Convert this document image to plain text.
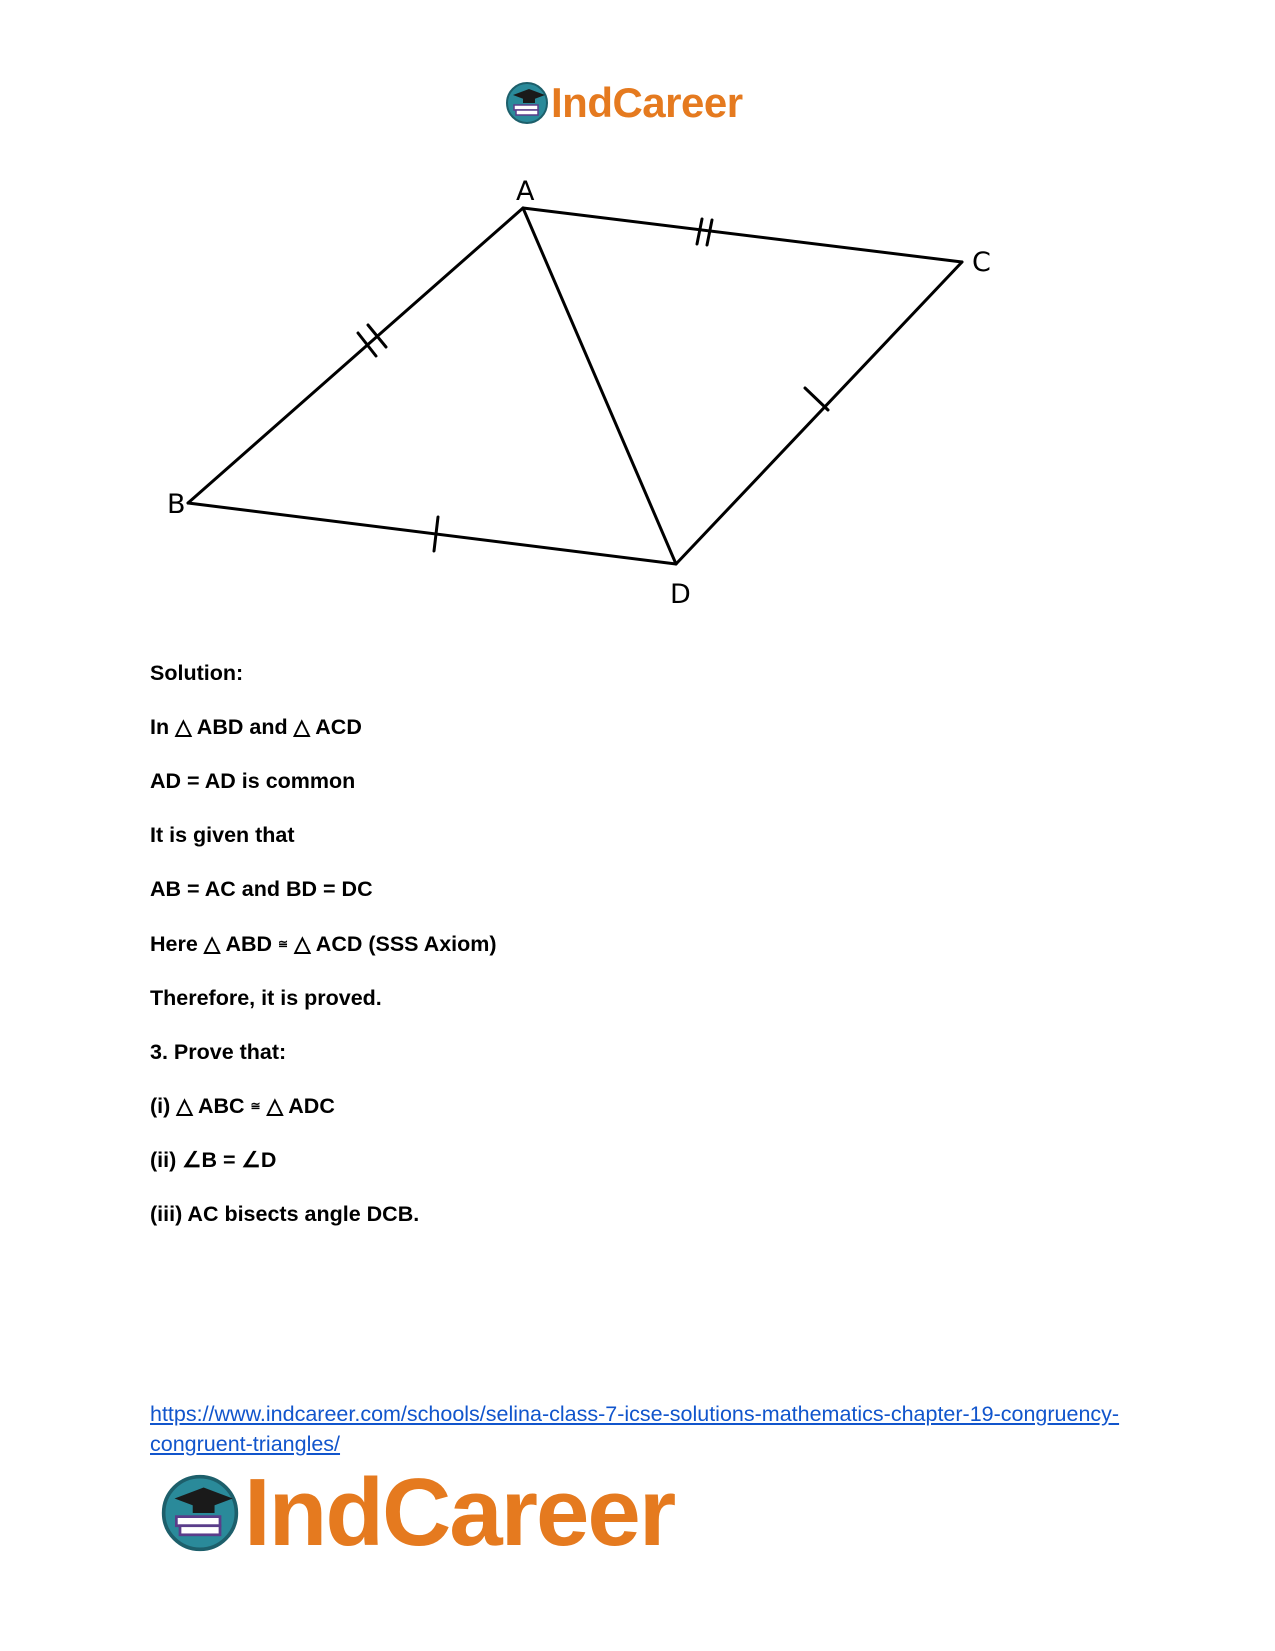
IndCareer
A
B
C
D
Solution:
In △ ABD and △ ACD
AD = AD is common
It is given that
AB = AC and BD = DC
Here △ ABD ≅ △ ACD (SSS Axiom)
Therefore, it is proved.
3. Prove that:
(i) △ ABC ≅ △ ADC
(ii) ∠B = ∠D
(iii) AC bisects angle DCB.
https://www.indcareer.com/schools/selina-class-7-icse-solutions-mathematics-chapter-19-congruency-congruent-triangles/
IndCareer
